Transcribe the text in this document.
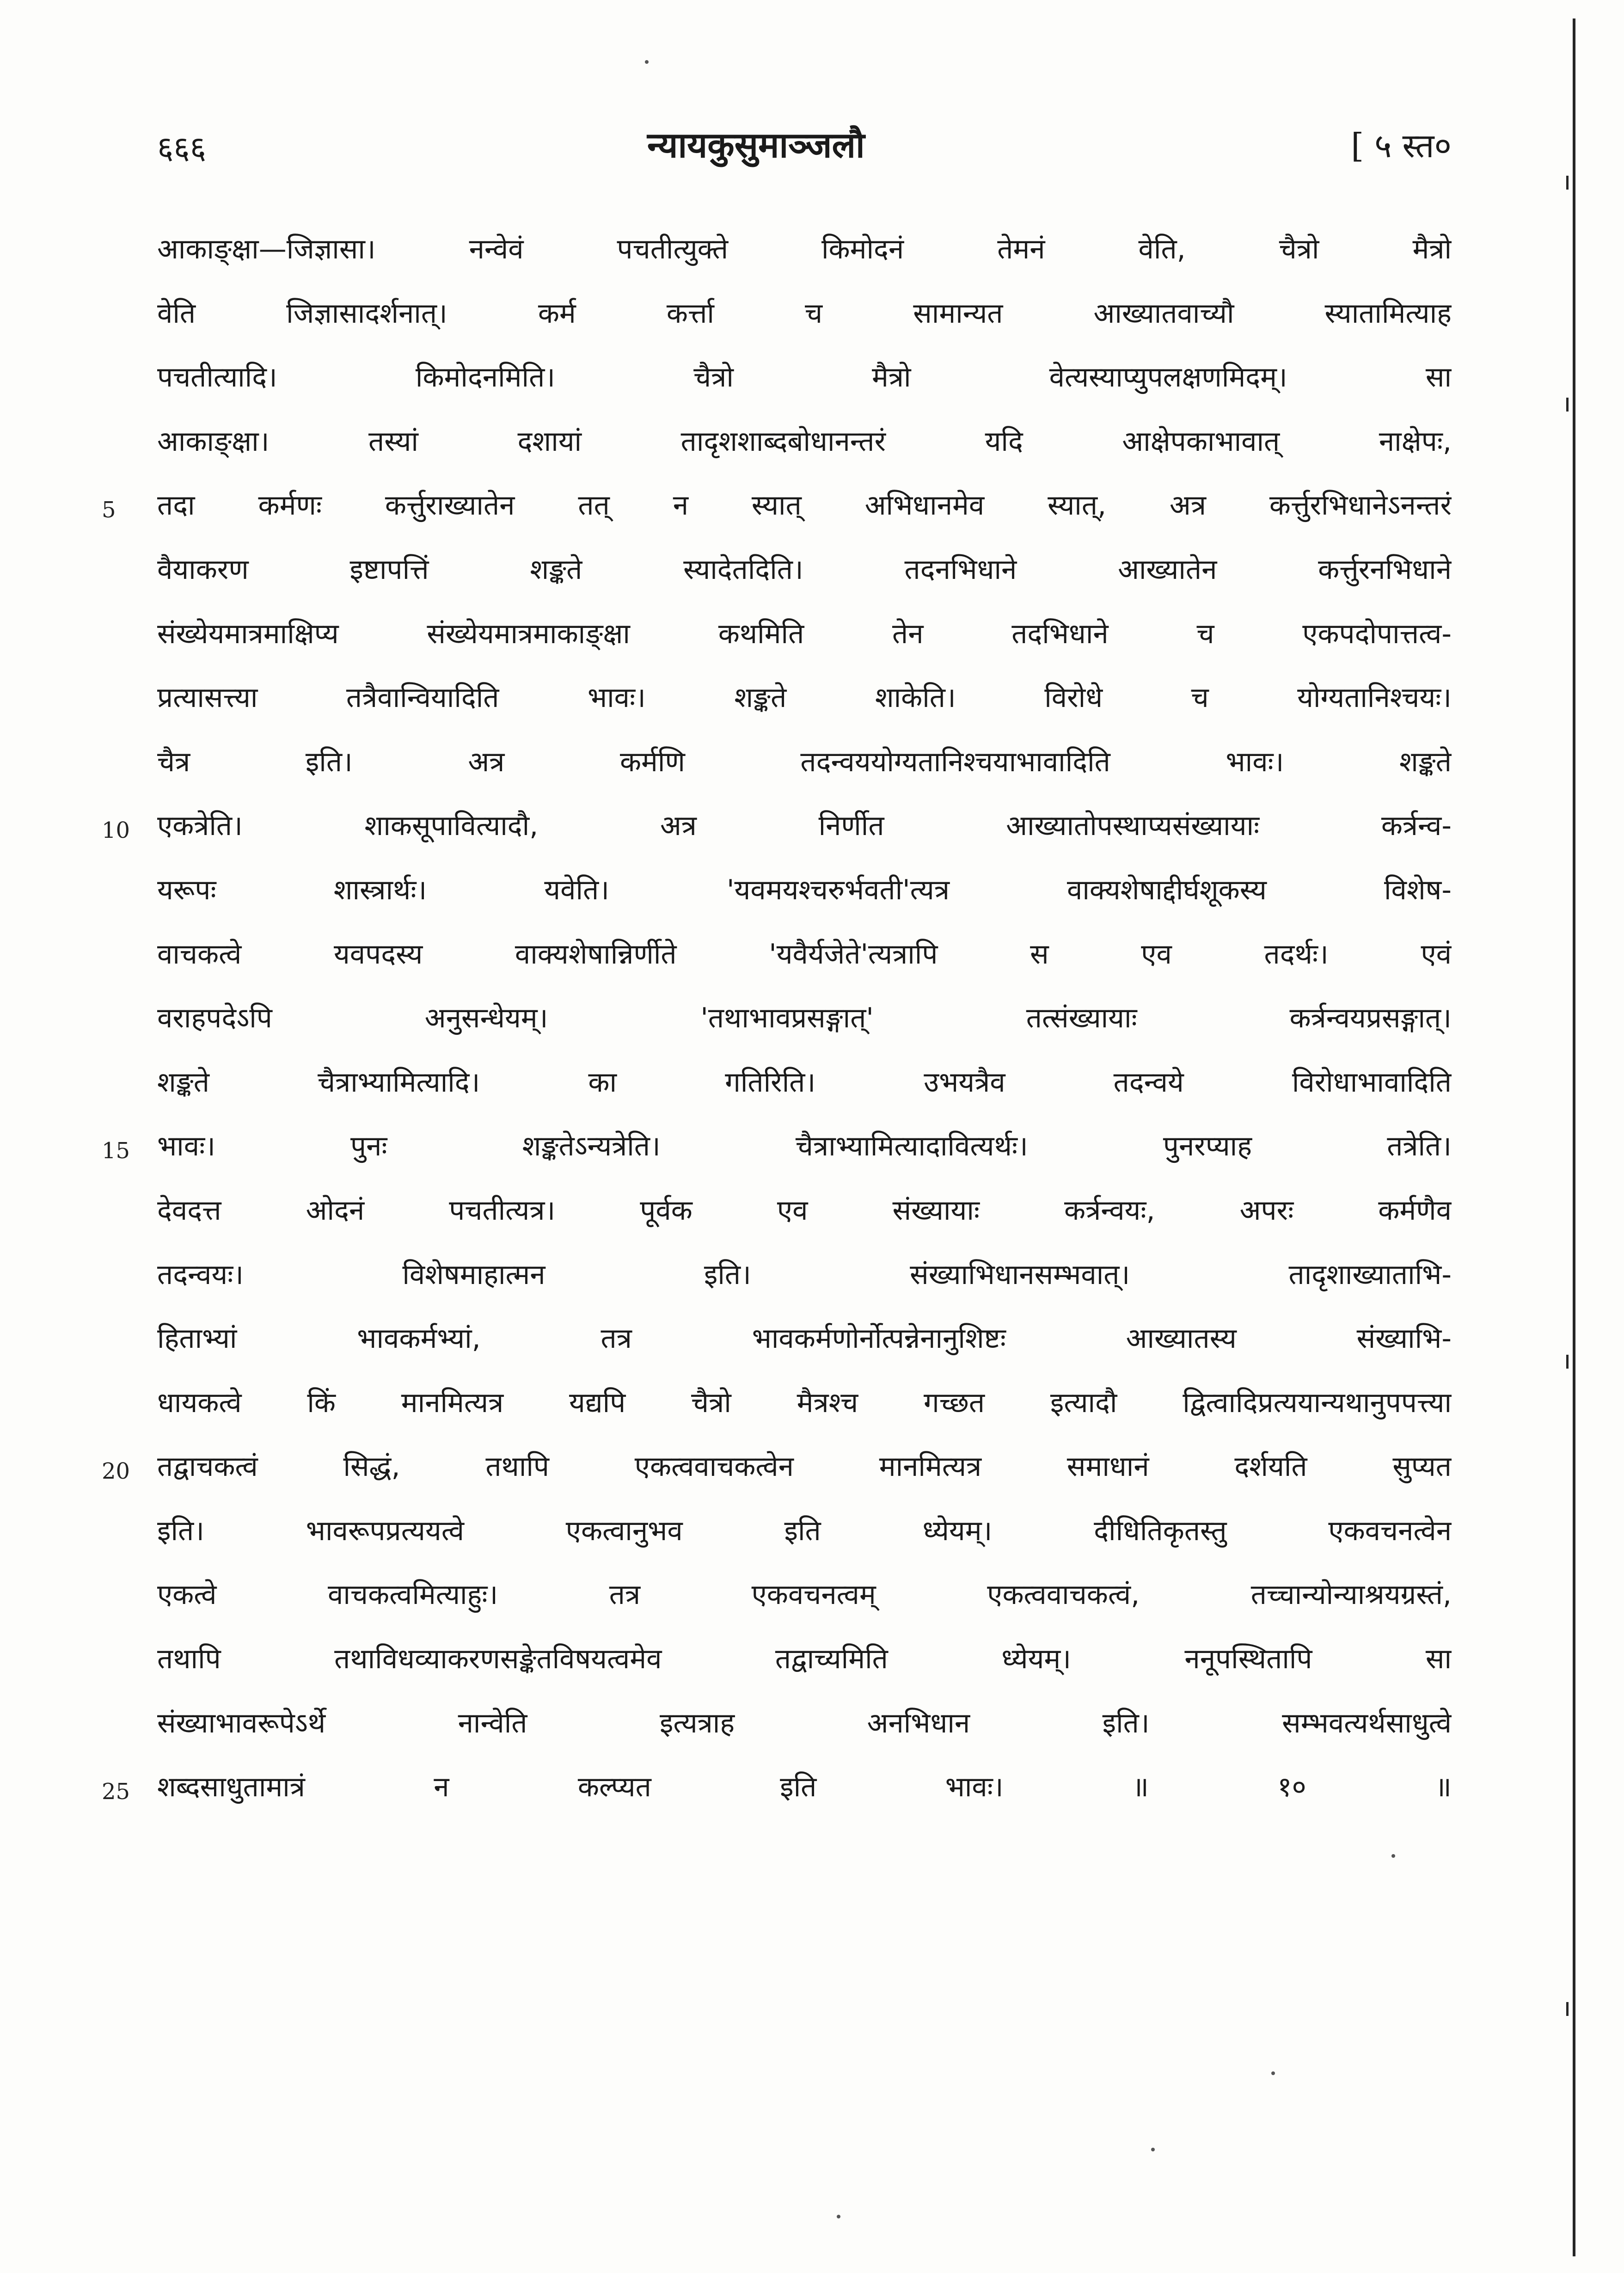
६६६	न्यायकुसुमाञ्जलौ	[ ५ स्त०
5
10
15
20
25
आकाङ्क्षा—जिज्ञासा। नन्वेवं पचतीत्युक्ते किमोदनं तेमनं वेति, चैत्रो मैत्रो
वेति जिज्ञासादर्शनात्। कर्म कर्त्ता च सामान्यत आख्यातवाच्यौ स्यातामित्याह
पचतीत्यादि। किमोदनमिति। चैत्रो मैत्रो वेत्यस्याप्युपलक्षणमिदम्। सा
आकाङ्क्षा। तस्यां दशायां तादृशशाब्दबोधानन्तरं यदि आक्षेपकाभावात् नाक्षेपः,
तदा कर्मणः कर्त्तुराख्यातेन तत् न स्यात् अभिधानमेव स्यात्, अत्र कर्त्तुरभिधानेऽनन्तरं
वैयाकरण इष्टापत्तिं शङ्कते स्यादेतदिति। तदनभिधाने आख्यातेन कर्त्तुरनभिधाने
संख्येयमात्रमाक्षिप्य संख्येयमात्रमाकाङ्क्षा कथमिति तेन तदभिधाने च एकपदोपात्तत्व-
प्रत्यासत्त्या तत्रैवान्वियादिति भावः। शङ्कते शाकेति। विरोधे च योग्यतानिश्चयः।
चैत्र इति। अत्र कर्मणि तदन्वययोग्यतानिश्चयाभावादिति भावः। शङ्कते
एकत्रेति। शाकसूपावित्यादौ, अत्र निर्णीत आख्यातोपस्थाप्यसंख्यायाः कर्त्रन्व-
यरूपः शास्त्रार्थः। यवेति। 'यवमयश्चरुर्भवती'त्यत्र वाक्यशेषाद्दीर्घशूकस्य विशेष-
वाचकत्वे यवपदस्य वाक्यशेषान्निर्णीते 'यवैर्यजेते'त्यत्रापि स एव तदर्थः। एवं
वराहपदेऽपि अनुसन्धेयम्। 'तथाभावप्रसङ्गात्' तत्संख्यायाः कर्त्रन्वयप्रसङ्गात्।
शङ्कते चैत्राभ्यामित्यादि। का गतिरिति। उभयत्रैव तदन्वये विरोधाभावादिति
भावः। पुनः शङ्कतेऽन्यत्रेति। चैत्राभ्यामित्यादावित्यर्थः। पुनरप्याह तत्रेति।
देवदत्त ओदनं पचतीत्यत्र। पूर्वक एव संख्यायाः कर्त्रन्वयः, अपरः कर्मणैव
तदन्वयः। विशेषमाहात्मन इति। संख्याभिधानसम्भवात्। तादृशाख्याताभि-
हिताभ्यां भावकर्मभ्यां, तत्र भावकर्मणोर्नोत्पन्नेनानुशिष्टः आख्यातस्य संख्याभि-
धायकत्वे किं मानमित्यत्र यद्यपि चैत्रो मैत्रश्च गच्छत इत्यादौ द्वित्वादिप्रत्ययान्यथानुपपत्त्या
तद्वाचकत्वं सिद्धं, तथापि एकत्ववाचकत्वेन मानमित्यत्र समाधानं दर्शयति सुप्यत
इति। भावरूपप्रत्ययत्वे एकत्वानुभव इति ध्येयम्। दीधितिकृतस्तु एकवचनत्वेन
एकत्वे वाचकत्वमित्याहुः। तत्र एकवचनत्वम् एकत्ववाचकत्वं, तच्चान्योन्याश्रयग्रस्तं,
तथापि तथाविधव्याकरणसङ्केतविषयत्वमेव तद्वाच्यमिति ध्येयम्। ननूपस्थितापि सा
संख्याभावरूपेऽर्थे नान्वेति इत्यत्राह अनभिधान इति। सम्भवत्यर्थसाधुत्वे
शब्दसाधुतामात्रं न कल्प्यत इति भावः। ॥ १० ॥
